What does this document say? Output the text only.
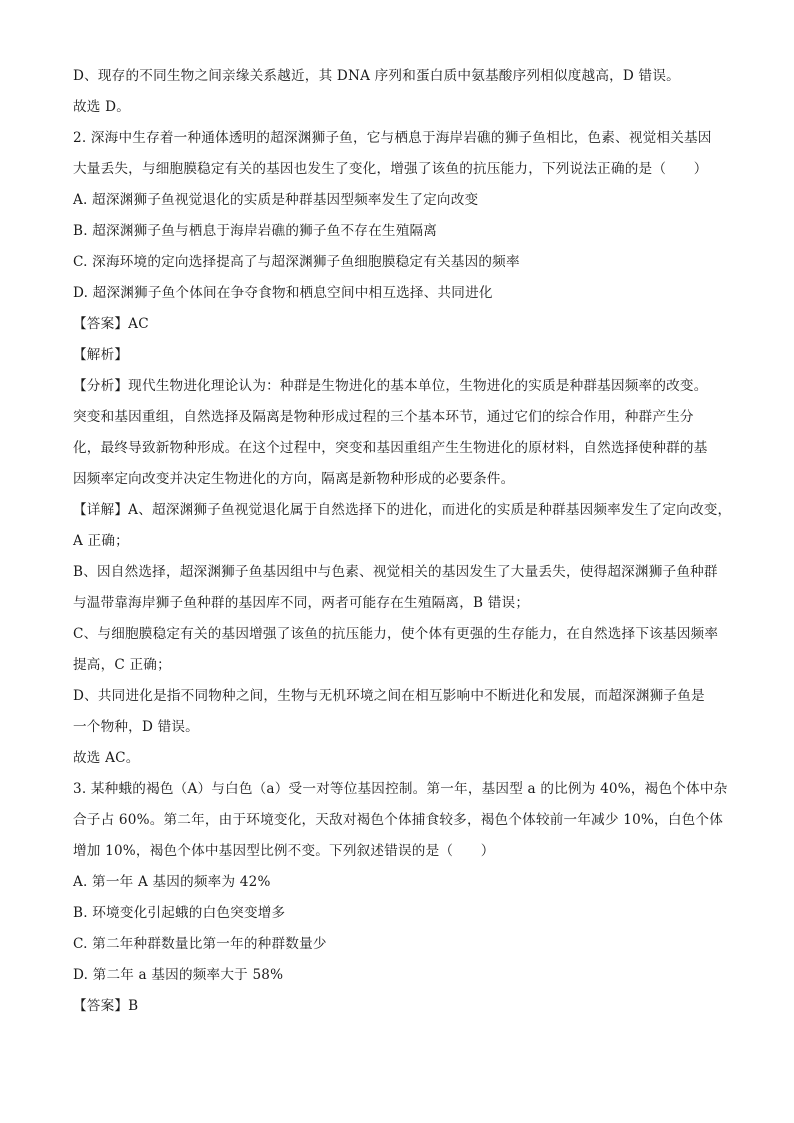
D、现存的不同生物之间亲缘关系越近，其 DNA 序列和蛋白质中氨基酸序列相似度越高，D 错误。
故选 D。
2. 深海中生存着一种通体透明的超深渊狮子鱼，它与栖息于海岸岩礁的狮子鱼相比，色素、视觉相关基因
大量丢失，与细胞膜稳定有关的基因也发生了变化，增强了该鱼的抗压能力，下列说法正确的是（　　）
A. 超深渊狮子鱼视觉退化的实质是种群基因型频率发生了定向改变
B. 超深渊狮子鱼与栖息于海岸岩礁的狮子鱼不存在生殖隔离
C. 深海环境的定向选择提高了与超深渊狮子鱼细胞膜稳定有关基因的频率
D. 超深渊狮子鱼个体间在争夺食物和栖息空间中相互选择、共同进化
【答案】AC
【解析】
【分析】现代生物进化理论认为：种群是生物进化的基本单位，生物进化的实质是种群基因频率的改变。
突变和基因重组，自然选择及隔离是物种形成过程的三个基本环节，通过它们的综合作用，种群产生分
化，最终导致新物种形成。在这个过程中，突变和基因重组产生生物进化的原材料，自然选择使种群的基
因频率定向改变并决定生物进化的方向，隔离是新物种形成的必要条件。
【详解】A、超深渊狮子鱼视觉退化属于自然选择下的进化，而进化的实质是种群基因频率发生了定向改变，
A 正确；
B、因自然选择，超深渊狮子鱼基因组中与色素、视觉相关的基因发生了大量丢失，使得超深渊狮子鱼种群
与温带靠海岸狮子鱼种群的基因库不同，两者可能存在生殖隔离，B 错误；
C、与细胞膜稳定有关的基因增强了该鱼的抗压能力，使个体有更强的生存能力，在自然选择下该基因频率
提高，C 正确；
D、共同进化是指不同物种之间，生物与无机环境之间在相互影响中不断进化和发展，而超深渊狮子鱼是
一个物种，D 错误。
故选 AC。
3. 某种蛾的褐色（A）与白色（a）受一对等位基因控制。第一年，基因型 a 的比例为 40%，褐色个体中杂
合子占 60%。第二年，由于环境变化，天敌对褐色个体捕食较多，褐色个体较前一年减少 10%，白色个体
增加 10%，褐色个体中基因型比例不变。下列叙述错误的是（　　）
A. 第一年 A 基因的频率为 42%
B. 环境变化引起蛾的白色突变增多
C. 第二年种群数量比第一年的种群数量少
D. 第二年 a 基因的频率大于 58%
【答案】B
